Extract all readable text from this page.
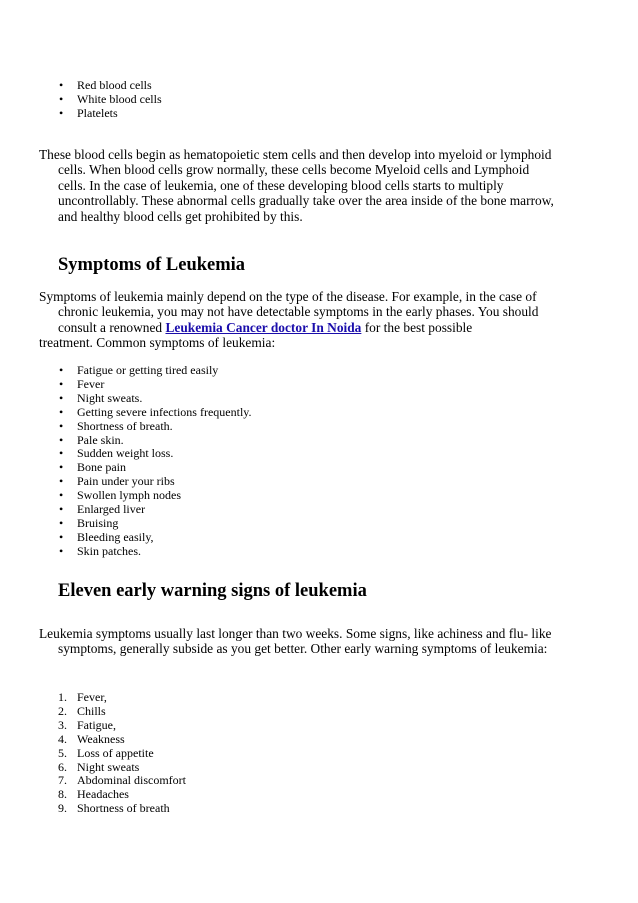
• Red blood cells
• White blood cells
• Platelets

These blood cells begin as hematopoietic stem cells and then develop into myeloid or lymphoid
cells. When blood cells grow normally, these cells become Myeloid cells and Lymphoid
cells. In the case of leukemia, one of these developing blood cells starts to multiply
uncontrollably. These abnormal cells gradually take over the area inside of the bone marrow,
and healthy blood cells get prohibited by this.

Symptoms of Leukemia

Symptoms of leukemia mainly depend on the type of the disease. For example, in the case of
chronic leukemia, you may not have detectable symptoms in the early phases. You should
consult a renowned Leukemia Cancer doctor In Noida for the best possible
treatment. Common symptoms of leukemia:

• Fatigue or getting tired easily
• Fever
• Night sweats.
• Getting severe infections frequently.
• Shortness of breath.
• Pale skin.
• Sudden weight loss.
• Bone pain
• Pain under your ribs
• Swollen lymph nodes
• Enlarged liver
• Bruising
• Bleeding easily,
• Skin patches.
Eleven early warning signs of leukemia

Leukemia symptoms usually last longer than two weeks. Some signs, like achiness and flu- like
symptoms, generally subside as you get better. Other early warning symptoms of leukemia:

1. Fever,
2. Chills
3. Fatigue,
4. Weakness
5. Loss of appetite
6. Night sweats
7. Abdominal discomfort
8. Headaches
9. Shortness of breath
